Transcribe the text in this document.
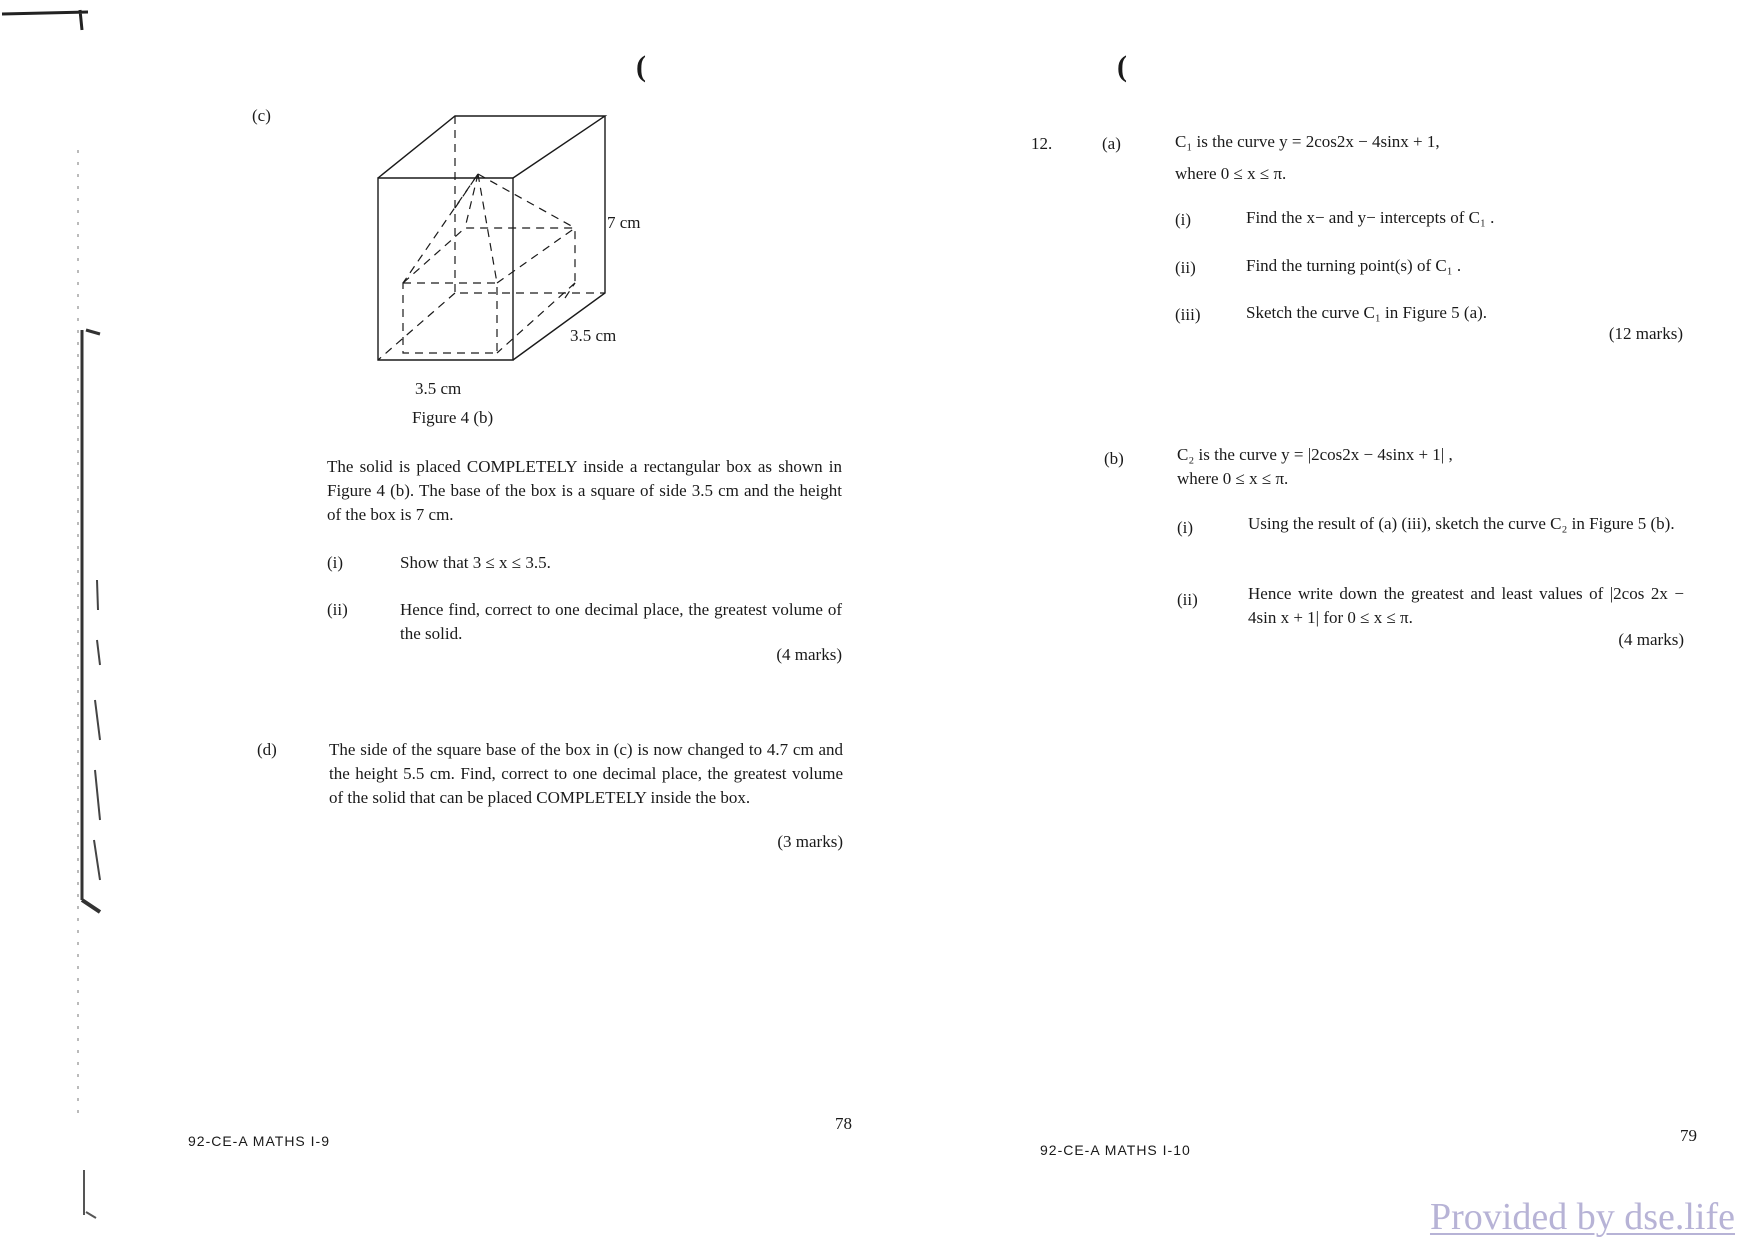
(
(c)
7 cm
3.5 cm
3.5 cm
Figure 4 (b)
The solid is placed COMPLETELY inside a rectangular box as shown in Figure 4 (b). The base of the box is a square of side 3.5 cm and the height of the box is 7 cm.
(i)	Show that 3 ≤ x ≤ 3.5.
(ii)	Hence find, correct to one decimal place, the greatest volume of the solid.
(4 marks)
(d)	The side of the square base of the box in (c) is now changed to 4.7 cm and the height 5.5 cm. Find, correct to one decimal place, the greatest volume of the solid that can be placed COMPLETELY inside the box.
(3 marks)
92-CE-A MATHS I-9
78
(
12.	(a)	C₁ is the curve y = 2cos2x − 4sinx + 1,
where 0 ≤ x ≤ π.
(i)	Find the x− and y− intercepts of C₁ .
(ii)	Find the turning point(s) of C₁ .
(iii)	Sketch the curve C₁ in Figure 5 (a).
(12 marks)
(b)	C₂ is the curve y = |2cos2x − 4sinx + 1| ,
where 0 ≤ x ≤ π.
(i)	Using the result of (a) (iii), sketch the curve C₂ in Figure 5 (b).
(ii)	Hence write down the greatest and least values of |2cos 2x − 4sin x + 1| for 0 ≤ x ≤ π.
(4 marks)
92-CE-A MATHS I-10
79
Provided by dse.life
